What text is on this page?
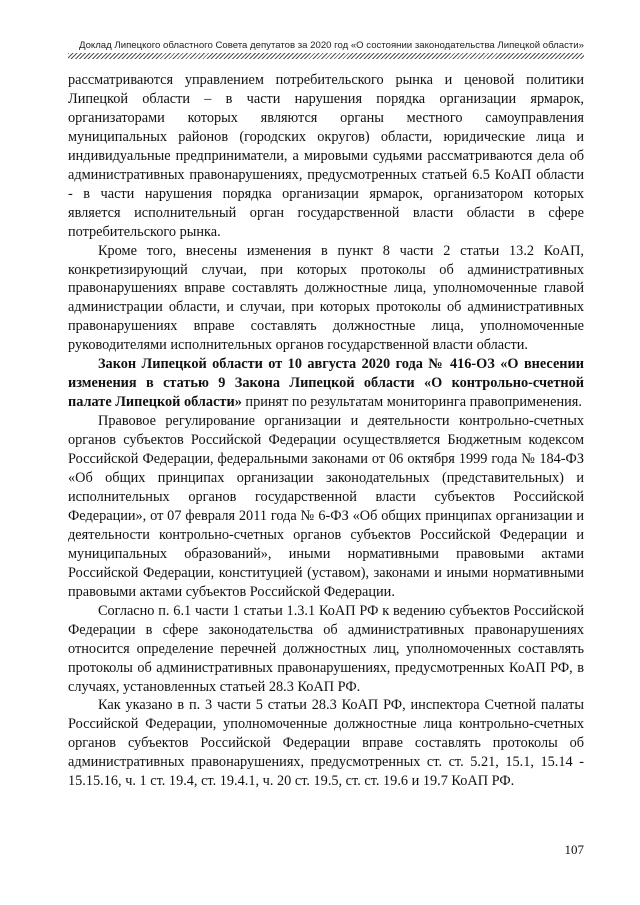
Доклад Липецкого областного Совета депутатов за 2020 год «О состоянии законодательства Липецкой области»

рассматриваются управлением потребительского рынка и ценовой политики Липецкой области – в части нарушения порядка организации ярмарок, организаторами которых являются органы местного самоуправления муниципальных районов (городских округов) области, юридические лица и индивидуальные предприниматели, а мировыми судьями рассматриваются дела об административных правонарушениях, предусмотренных статьей 6.5 КоАП области - в части нарушения порядка организации ярмарок, организатором которых является исполнительный орган государственной власти области в сфере потребительского рынка.

Кроме того, внесены изменения в пункт 8 части 2 статьи 13.2 КоАП, конкретизирующий случаи, при которых протоколы об административных правонарушениях вправе составлять должностные лица, уполномоченные главой администрации области, и случаи, при которых протоколы об административных правонарушениях вправе составлять должностные лица, уполномоченные руководителями исполнительных органов государственной власти области.

Закон Липецкой области от 10 августа 2020 года № 416-ОЗ «О внесении изменения в статью 9 Закона Липецкой области «О контрольно-счетной палате Липецкой области» принят по результатам мониторинга правоприменения.

Правовое регулирование организации и деятельности контрольно-счетных органов субъектов Российской Федерации осуществляется Бюджетным кодексом Российской Федерации, федеральными законами от 06 октября 1999 года № 184-ФЗ «Об общих принципах организации законодательных (представительных) и исполнительных органов государственной власти субъектов Российской Федерации», от 07 февраля 2011 года № 6-ФЗ «Об общих принципах организации и деятельности контрольно-счетных органов субъектов Российской Федерации и муниципальных образований», иными нормативными правовыми актами Российской Федерации, конституцией (уставом), законами и иными нормативными правовыми актами субъектов Российской Федерации.

Согласно п. 6.1 части 1 статьи 1.3.1 КоАП РФ к ведению субъектов Российской Федерации в сфере законодательства об административных правонарушениях относится определение перечней должностных лиц, уполномоченных составлять протоколы об административных правонарушениях, предусмотренных КоАП РФ, в случаях, установленных статьей 28.3 КоАП РФ.

Как указано в п. 3 части 5 статьи 28.3 КоАП РФ, инспектора Счетной палаты Российской Федерации, уполномоченные должностные лица контрольно-счетных органов субъектов Российской Федерации вправе составлять протоколы об административных правонарушениях, предусмотренных ст. ст. 5.21, 15.1, 15.14 - 15.15.16, ч. 1 ст. 19.4, ст. 19.4.1, ч. 20 ст. 19.5, ст. ст. 19.6 и 19.7 КоАП РФ.

107
